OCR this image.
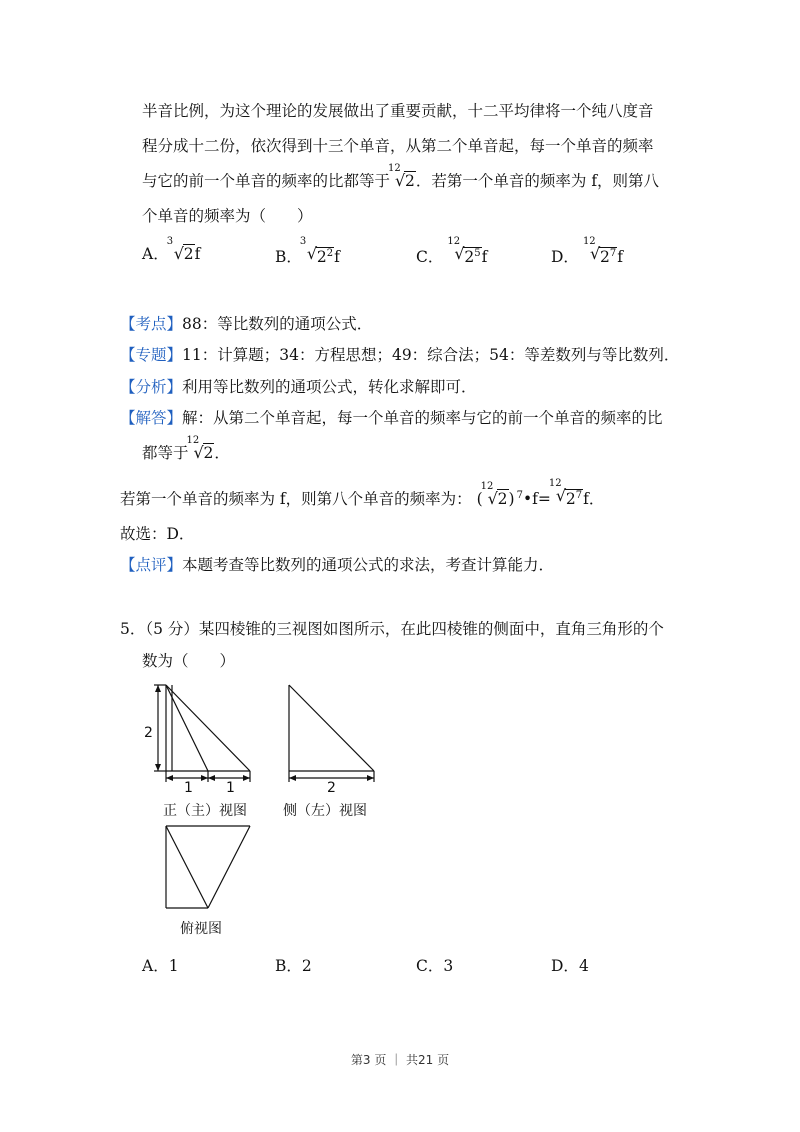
半音比例，为这个理论的发展做出了重要贡献，十二平均律将一个纯八度音
程分成十二份，依次得到十三个单音，从第二个单音起，每一个单音的频率
与它的前一个单音的频率的比都等于
12
√ 2．若第一个单音的频率为 f，则第八
个单音的频率为（　　）
A．
3
√ 2f	B．
3
√ $2^2f$	C．
12
√ $2^5f$	D．
12
√ $2^7f$
【考点】88：等比数列的通项公式．
【专题】11：计算题；34：方程思想；49：综合法；54：等差数列与等比数列．
【分析】利用等比数列的通项公式，转化求解即可．
【解答】解：从第二个单音起，每一个单音的频率与它的前一个单音的频率的比
都等于
12
√ 2．
若第一个单音的频率为 f，则第八个单音的频率为： (
12
√ 2) $^7$•f=
12
√ $2^7f$．
故选：D．
【点评】本题考查等比数列的通项公式的求法，考查计算能力．
5．（5 分）某四棱锥的三视图如图所示，在此四棱锥的侧面中，直角三角形的个
数为（　　）
2
1 1	2
正（主）视图	侧（左）视图
俯视图
A．1	B．2	C．3	D．4
第3 页 ｜ 共21 页
